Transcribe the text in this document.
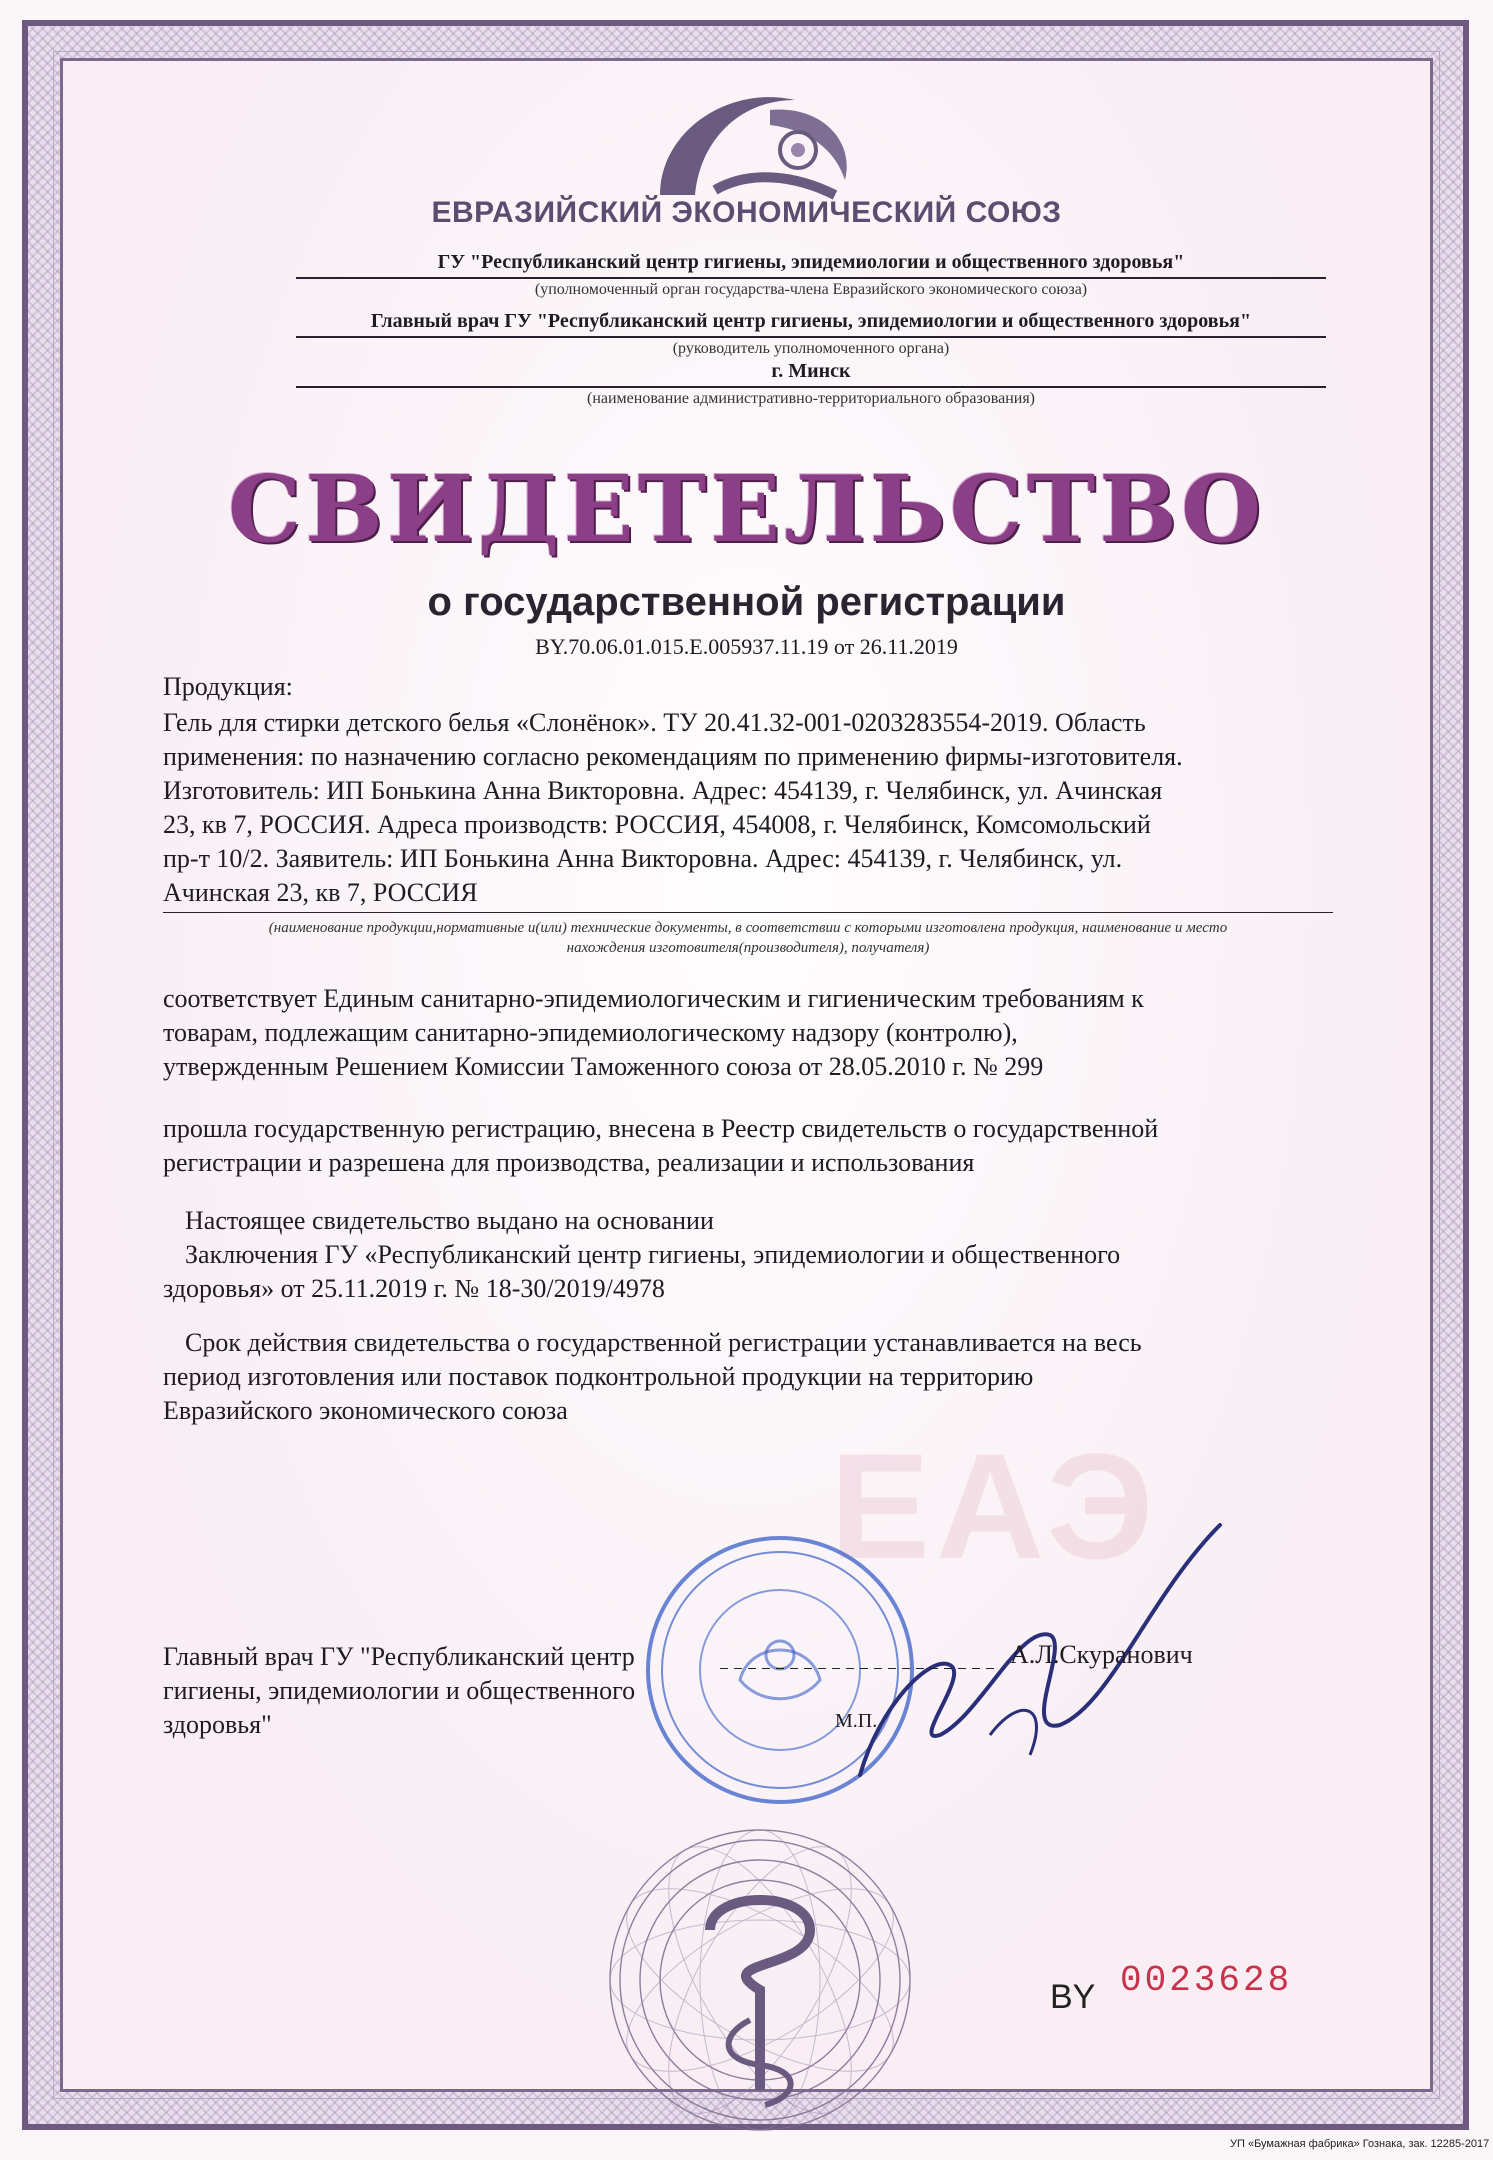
ЕВРАЗИЙСКИЙ ЭКОНОМИЧЕСКИЙ СОЮЗ
ГУ "Республиканский центр гигиены, эпидемиологии и общественного здоровья"
(уполномоченный орган государства-члена Евразийского экономического союза)
Главный врач ГУ "Республиканский центр гигиены, эпидемиологии и общественного здоровья"
(руководитель уполномоченного органа)
г. Минск
(наименование административно-территориального образования)
СВИДЕТЕЛЬСТВО
о государственной регистрации
BY.70.06.01.015.E.005937.11.19 от 26.11.2019
Продукция:
Гель для стирки детского белья «Слонёнок». ТУ 20.41.32-001-0203283554-2019. Область
применения: по назначению согласно рекомендациям по применению фирмы-изготовителя.
Изготовитель: ИП Бонькина Анна Викторовна. Адрес: 454139, г. Челябинск, ул. Ачинская
23, кв 7, РОССИЯ. Адреса производств: РОССИЯ, 454008, г. Челябинск, Комсомольский
пр-т 10/2. Заявитель: ИП Бонькина Анна Викторовна. Адрес: 454139, г. Челябинск, ул.
Ачинская 23, кв 7, РОССИЯ
(наименование продукции,нормативные и(или) технические документы, в соответствии с которыми изготовлена продукция, наименование и место
нахождения изготовителя(производителя), получателя)
соответствует Единым санитарно-эпидемиологическим и гигиеническим требованиям к
товарам, подлежащим санитарно-эпидемиологическому надзору (контролю),
утвержденным Решением Комиссии Таможенного союза от 28.05.2010 г. № 299
прошла государственную регистрацию, внесена в Реестр свидетельств о государственной
регистрации и разрешена для производства, реализации и использования
Настоящее свидетельство выдано на основании
Заключения ГУ «Республиканский центр гигиены, эпидемиологии и общественного
здоровья» от 25.11.2019 г. № 18-30/2019/4978
Срок действия свидетельства о государственной регистрации устанавливается на весь
период изготовления или поставок подконтрольной продукции на территорию
Евразийского экономического союза
ЕАЭ
Главный врач ГУ "Республиканский центр
гигиены, эпидемиологии и общественного
здоровья"
А.Л.Скуранович
М.П.
BY 0023628
УП «Бумажная фабрика» Гознака, зак. 12285-2017
